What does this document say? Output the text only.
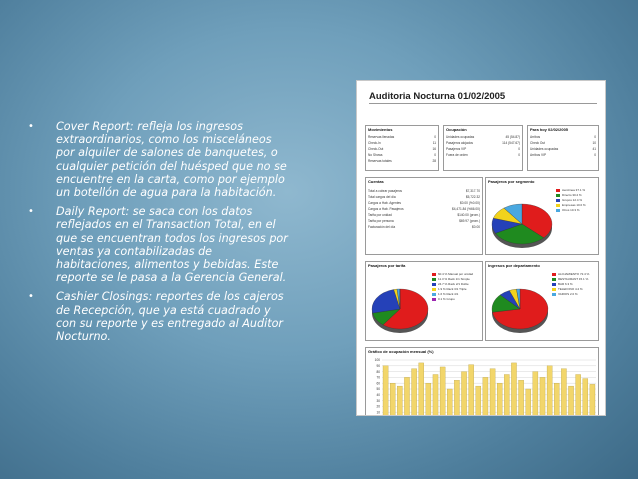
• Cover Report: refleja los ingresos extraordinarios, como los misceláneos por alquiler de salones de banquetes, o cualquier petición del huésped que no se encuentre en la carta, como por ejemplo un botellón de agua para la habitación.
• Daily Report: se saca con los datos reflejados en el Transaction Total, en el que se encuentran todos los ingresos por ventas ya contabilizadas de habitaciones, alimentos y bebidas. Este reporte se le pasa a la Gerencia General.
• Cashier Closings: reportes de los cajeros de Recepción, que ya está cuadrado y con su reporte y es entregado al Auditor Nocturno.
Auditoria Nocturna 01/02/2005
Movimientos
Reservas llenadas	0
Check-In	11
Check-Out	16
No Shows	0
Reservas totales	28
Ocupación
Unidades ocupadas	45 (54.87)
Pasajeros alojados	114 (547.67)
Pasajeros VIP	0
Fuera de orden	0
Para hoy 02/02/2005
Arribos	0
Check Out	10
Unidades ocupadas	41
Arribos VIP	0
Cuentas
Total a cobrar pasajeros	$7,317.70
Total cargos del día	$5,722.32
Cargos a Hab. Agentes	$0.00 (%0.00)
Cargos a Hab. Pasajeros	$4,471.84 (%66.00)
Tarifa por unidad	$140.00 (prom.)
Tarifa por persona	$69.97 (prom.)
Facturación del día	$0.00
Pasajeros por segmento
Aerolínea 37.1 %
Directo 30.2 %
Grupos 12.4 %
Empresas 10.0 %
Otros 10.3 %
Pasajeros por tarifa
60.4 % Manual por unidad
11.3 % Rack 1/1 Simple
24.7 % Rack 2/1 Doble
1.9 % Rack 3/1 Triple
1.6 % Rack 4/1
0.1 % Grupo
Ingresos por departamento
ALOJAMIENTO 72.4 %
RESTAURANT 15.1 %
BAR 6.3 %
TELEFONO 4.2 %
VARIOS 2.0 %
Gráfico de ocupación mensual (%)
100
90
80
70
60
50
40
30
20
10
